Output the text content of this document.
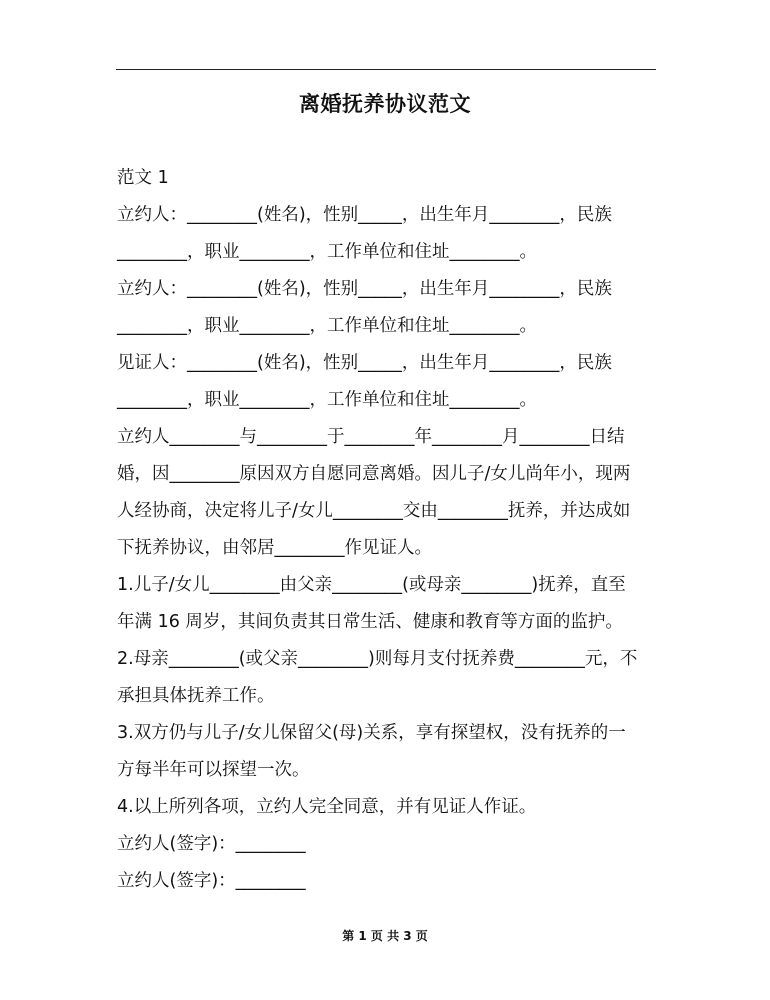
离婚抚养协议范文
范文 1
立约人：________(姓名)，性别_____，出生年月________，民族
________，职业________，工作单位和住址________。
立约人：________(姓名)，性别_____，出生年月________，民族
________，职业________，工作单位和住址________。
见证人：________(姓名)，性别_____，出生年月________，民族
________，职业________，工作单位和住址________。
立约人________与________于________年________月________日结
婚，因________原因双方自愿同意离婚。因儿子/女儿尚年小，现两
人经协商，决定将儿子/女儿________交由________抚养，并达成如
下抚养协议，由邻居________作见证人。
1.儿子/女儿________由父亲________(或母亲________)抚养，直至
年满 16 周岁，其间负责其日常生活、健康和教育等方面的监护。
2.母亲________(或父亲________)则每月支付抚养费________元，不
承担具体抚养工作。
3.双方仍与儿子/女儿保留父(母)关系，享有探望权，没有抚养的一
方每半年可以探望一次。
4.以上所列各项，立约人完全同意，并有见证人作证。
立约人(签字)：________
立约人(签字)：________
第 1 页 共 3 页
